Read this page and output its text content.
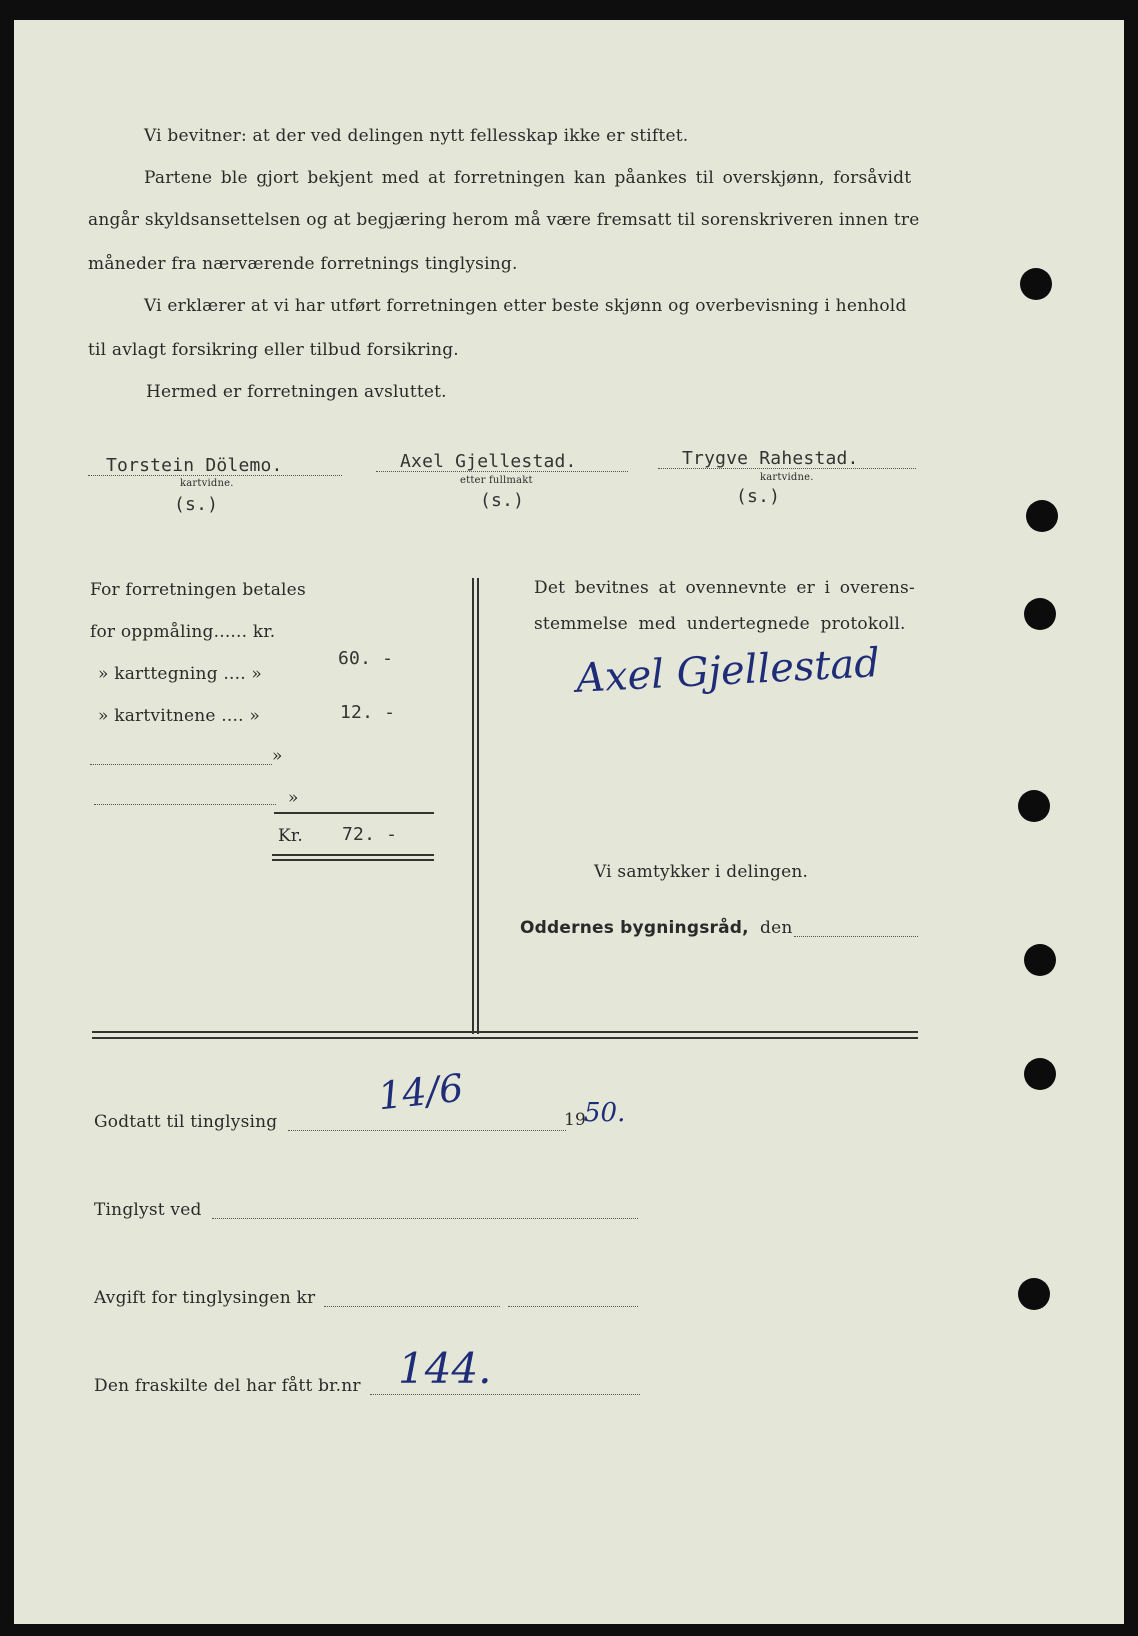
Vi bevitner: at der ved delingen nytt fellesskap ikke er stiftet.
Partene ble gjort bekjent med at forretningen kan påankes til overskjønn, forsåvidt
angår skyldsansettelsen og at begjæring herom må være fremsatt til sorenskriveren innen tre
måneder fra nærværende forretnings tinglysing.
Vi erklærer at vi har utført forretningen etter beste skjønn og overbevisning i henhold
til avlagt forsikring eller tilbud forsikring.
Hermed er forretningen avsluttet.
Torstein Dölemo.
kartvidne.
(s.)
Axel Gjellestad.
etter fullmakt
(s.)
Trygve Rahestad.
kartvidne.
(s.)
For forretningen betales
for oppmåling...... kr.
» karttegning .... »
60. -
» kartvitnene .... »	12. -
»
»
Kr. 72. -
Det bevitnes at ovennevnte er i overens-
stemmelse med undertegnede protokoll.
Axel Gjellestad
Vi samtykker i delingen.
Oddernes bygningsråd, den
Godtatt til tinglysing
14/6
19
50.
Tinglyst ved
Avgift for tinglysingen kr
Den fraskilte del har fått br.nr 144.
